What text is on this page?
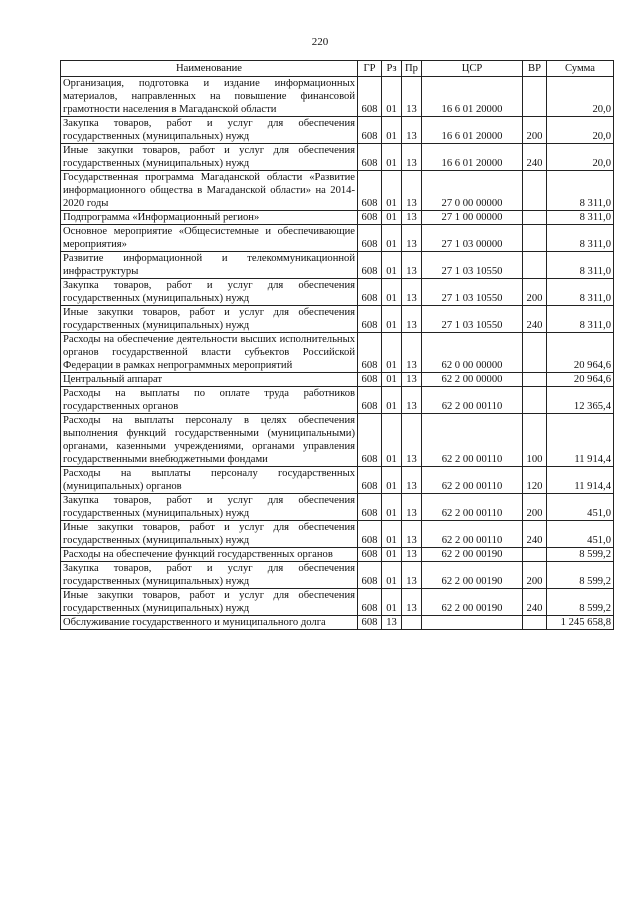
220
Наименование	ГР	Рз	Пр	ЦСР	ВР	Сумма
Организация, подготовка и издание информационных материалов, направленных на повышение финансовой грамотности населения в Магаданской области	608	01	13	16 6 01 20000		20,0
Закупка товаров, работ и услуг для обеспечения государственных (муниципальных) нужд	608	01	13	16 6 01 20000	200	20,0
Иные закупки товаров, работ и услуг для обеспечения государственных (муниципальных) нужд	608	01	13	16 6 01 20000	240	20,0
Государственная программа Магаданской области «Развитие информационного общества в Магаданской области» на 2014-2020 годы	608	01	13	27 0 00 00000		8 311,0
Подпрограмма «Информационный регион»	608	01	13	27 1 00 00000		8 311,0
Основное мероприятие «Общесистемные и обеспечивающие мероприятия»	608	01	13	27 1 03 00000		8 311,0
Развитие информационной и телекоммуникационной инфраструктуры	608	01	13	27 1 03 10550		8 311,0
Закупка товаров, работ и услуг для обеспечения государственных (муниципальных) нужд	608	01	13	27 1 03 10550	200	8 311,0
Иные закупки товаров, работ и услуг для обеспечения государственных (муниципальных) нужд	608	01	13	27 1 03 10550	240	8 311,0
Расходы на обеспечение деятельности высших исполнительных органов государственной власти субъектов Российской Федерации в рамках непрограммных мероприятий	608	01	13	62 0 00 00000		20 964,6
Центральный аппарат	608	01	13	62 2 00 00000		20 964,6
Расходы на выплаты по оплате труда работников государственных органов	608	01	13	62 2 00 00110		12 365,4
Расходы на выплаты персоналу в целях обеспечения выполнения функций государственными (муниципальными) органами, казенными учреждениями, органами управления государственными внебюджетными фондами	608	01	13	62 2 00 00110	100	11 914,4
Расходы на выплаты персоналу государственных (муниципальных) органов	608	01	13	62 2 00 00110	120	11 914,4
Закупка товаров, работ и услуг для обеспечения государственных (муниципальных) нужд	608	01	13	62 2 00 00110	200	451,0
Иные закупки товаров, работ и услуг для обеспечения государственных (муниципальных) нужд	608	01	13	62 2 00 00110	240	451,0
Расходы на обеспечение функций государственных органов	608	01	13	62 2 00 00190		8 599,2
Закупка товаров, работ и услуг для обеспечения государственных (муниципальных) нужд	608	01	13	62 2 00 00190	200	8 599,2
Иные закупки товаров, работ и услуг для обеспечения государственных (муниципальных) нужд	608	01	13	62 2 00 00190	240	8 599,2
Обслуживание государственного и муниципального долга	608	13				1 245 658,8
